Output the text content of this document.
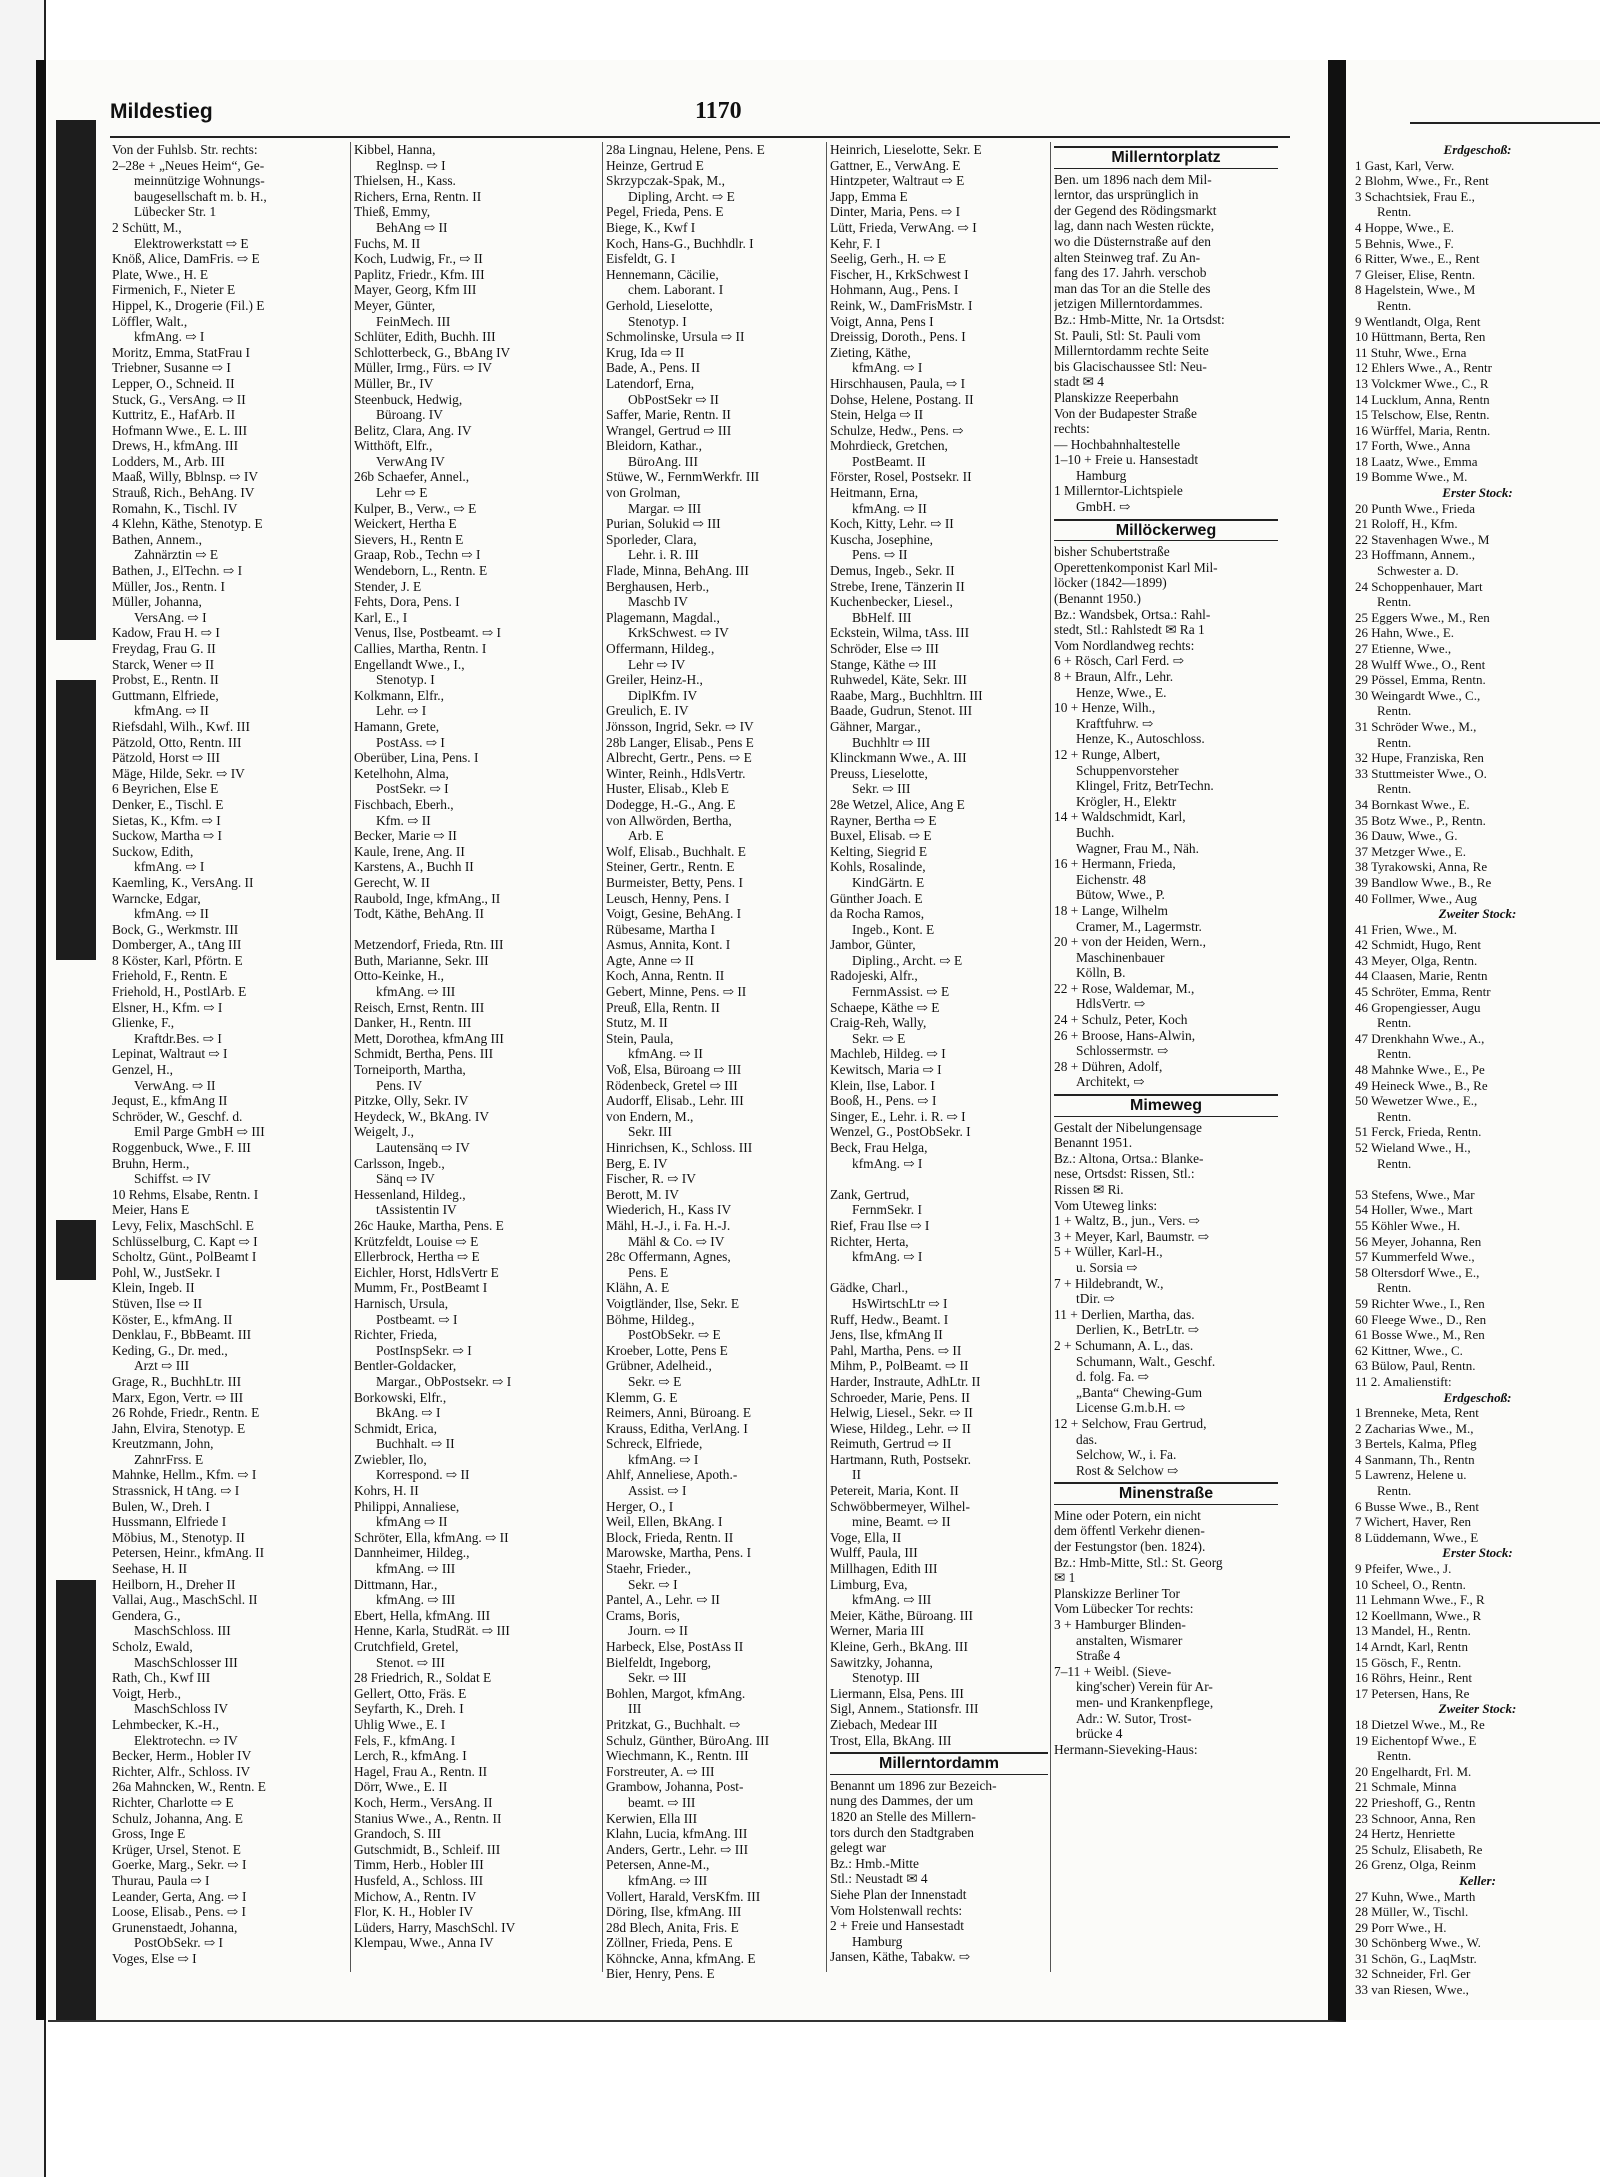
Mildestieg	1170
Von der Fuhlsb. Str. rechts:
2–28e + „Neues Heim“, Ge-
meinnützige Wohnungs-
baugesellschaft m. b. H.,
Lübecker Str. 1
2 Schütt, M.,
Elektrowerkstatt ⇨ E
Knöß, Alice, DamFris. ⇨ E
Plate, Wwe., H. E
Firmenich, F., Nieter E
Hippel, K., Drogerie (Fil.) E
Löffler, Walt.,
kfmAng. ⇨ I
Moritz, Emma, StatFrau I
Triebner, Susanne ⇨ I
Lepper, O., Schneid. II
Stuck, G., VersAng. ⇨ II
Kuttritz, E., HafArb. II
Hofmann Wwe., E. L. III
Drews, H., kfmAng. III
Lodders, M., Arb. III
Maaß, Willy, Bblnsp. ⇨ IV
Strauß, Rich., BehAng. IV
Romahn, K., Tischl. IV
4 Klehn, Käthe, Stenotyp. E
Bathen, Annem.,
Zahnärztin ⇨ E
Bathen, J., ElTechn. ⇨ I
Müller, Jos., Rentn. I
Müller, Johanna,
VersAng. ⇨ I
Kadow, Frau H. ⇨ I
Freydag, Frau G. II
Starck, Wener ⇨ II
Probst, E., Rentn. II
Guttmann, Elfriede,
kfmAng. ⇨ II
Riefsdahl, Wilh., Kwf. III
Pätzold, Otto, Rentn. III
Pätzold, Horst ⇨ III
Mäge, Hilde, Sekr. ⇨ IV
6 Beyrichen, Else E
Denker, E., Tischl. E
Sietas, K., Kfm. ⇨ I
Suckow, Martha ⇨ I
Suckow, Edith,
kfmAng. ⇨ I
Kaemling, K., VersAng. II
Warncke, Edgar,
kfmAng. ⇨ II
Bock, G., Werkmstr. III
Domberger, A., tAng III
8 Köster, Karl, Pförtn. E
Friehold, F., Rentn. E
Friehold, H., PostlArb. E
Elsner, H., Kfm. ⇨ I
Glienke, F.,
Kraftdr.Bes. ⇨ I
Lepinat, Waltraut ⇨ I
Genzel, H.,
VerwAng. ⇨ II
Jequst, E., kfmAng II
Schröder, W., Geschf. d.
Emil Parge GmbH ⇨ III
Roggenbuck, Wwe., F. III
Bruhn, Herm.,
Schiffst. ⇨ IV
10 Rehms, Elsabe, Rentn. I
Meier, Hans E
Levy, Felix, MaschSchl. E
Schlüsselburg, C. Kapt ⇨ I
Scholtz, Günt., PolBeamt I
Pohl, W., JustSekr. I
Klein, Ingeb. II
Stüven, Ilse ⇨ II
Köster, E., kfmAng. II
Denklau, F., BbBeamt. III
Keding, G., Dr. med.,
Arzt ⇨ III
Grage, R., BuchhLtr. III
Marx, Egon, Vertr. ⇨ III
26 Rohde, Friedr., Rentn. E
Jahn, Elvira, Stenotyp. E
Kreutzmann, John,
ZahnrFrss. E
Mahnke, Hellm., Kfm. ⇨ I
Strassnick, H tAng. ⇨ I
Bulen, W., Dreh. I
Hussmann, Elfriede I
Möbius, M., Stenotyp. II
Petersen, Heinr., kfmAng. II
Seehase, H. II
Heilborn, H., Dreher II
Vallai, Aug., MaschSchl. II
Gendera, G.,
MaschSchloss. III
Scholz, Ewald,
MaschSchlosser III
Rath, Ch., Kwf III
Voigt, Herb.,
MaschSchloss IV
Lehmbecker, K.-H.,
Elektrotechn. ⇨ IV
Becker, Herm., Hobler IV
Richter, Alfr., Schloss. IV
26a Mahncken, W., Rentn. E
Richter, Charlotte ⇨ E
Schulz, Johanna, Ang. E
Gross, Inge E
Krüger, Ursel, Stenot. E
Goerke, Marg., Sekr. ⇨ I
Thurau, Paula ⇨ I
Leander, Gerta, Ang. ⇨ I
Loose, Elisab., Pens. ⇨ I
Grunenstaedt, Johanna,
PostObSekr. ⇨ I
Voges, Else ⇨ I
Kibbel, Hanna,
Reglnsp. ⇨ I
Thielsen, H., Kass.
Richers, Erna, Rentn. II
Thieß, Emmy,
BehAng ⇨ II
Fuchs, M. II
Koch, Ludwig, Fr., ⇨ II
Paplitz, Friedr., Kfm. III
Mayer, Georg, Kfm III
Meyer, Günter,
FeinMech. III
Schlüter, Edith, Buchh. III
Schlotterbeck, G., BbAng IV
Müller, Irmg., Fürs. ⇨ IV
Müller, Br., IV
Steenbuck, Hedwig,
Büroang. IV
Belitz, Clara, Ang. IV
Witthöft, Elfr.,
VerwAng IV
26b Schaefer, Annel.,
Lehr ⇨ E
Kulper, B., Verw., ⇨ E
Weickert, Hertha E
Sievers, H., Rentn E
Graap, Rob., Techn ⇨ I
Wendeborn, L., Rentn. E
Stender, J. E
Fehts, Dora, Pens. I
Karl, E., I
Venus, Ilse, Postbeamt. ⇨ I
Callies, Martha, Rentn. I
Engellandt Wwe., I.,
Stenotyp. I
Kolkmann, Elfr.,
Lehr. ⇨ I
Hamann, Grete,
PostAss. ⇨ I
Oberüber, Lina, Pens. I
Ketelhohn, Alma,
PostSekr. ⇨ I
Fischbach, Eberh.,
Kfm. ⇨ II
Becker, Marie ⇨ II
Kaule, Irene, Ang. II
Karstens, A., Buchh II
Gerecht, W. II
Raubold, Inge, kfmAng., II
Todt, Käthe, BehAng. II

Metzendorf, Frieda, Rtn. III
Buth, Marianne, Sekr. III
Otto-Keinke, H.,
kfmAng. ⇨ III
Reisch, Ernst, Rentn. III
Danker, H., Rentn. III
Mett, Dorothea, kfmAng III
Schmidt, Bertha, Pens. III
Torneiporth, Martha,
Pens. IV
Pitzke, Olly, Sekr. IV
Heydeck, W., BkAng. IV
Weigelt, J.,
Lautensänq ⇨ IV
Carlsson, Ingeb.,
Sänq ⇨ IV
Hessenland, Hildeg.,
tAssistentin IV
26c Hauke, Martha, Pens. E
Krützfeldt, Louise ⇨ E
Ellerbrock, Hertha ⇨ E
Eichler, Horst, HdlsVertr E
Mumm, Fr., PostBeamt I
Harnisch, Ursula,
Postbeamt. ⇨ I
Richter, Frieda,
PostInspSekr. ⇨ I
Bentler-Goldacker,
Margar., ObPostsekr. ⇨ I
Borkowski, Elfr.,
BkAng. ⇨ I
Schmidt, Erica,
Buchhalt. ⇨ II
Zwiebler, Ilo,
Korrespond. ⇨ II
Kohrs, H. II
Philippi, Annaliese,
kfmAng ⇨ II
Schröter, Ella, kfmAng. ⇨ II
Dannheimer, Hildeg.,
kfmAng. ⇨ III
Dittmann, Har.,
kfmAng. ⇨ III
Ebert, Hella, kfmAng. III
Henne, Karla, StudRät. ⇨ III
Crutchfield, Gretel,
Stenot. ⇨ III
28 Friedrich, R., Soldat E
Gellert, Otto, Fräs. E
Seyfarth, K., Dreh. I
Uhlig Wwe., E. I
Fels, F., kfmAng. I
Lerch, R., kfmAng. I
Hagel, Frau A., Rentn. II
Dörr, Wwe., E. II
Koch, Herm., VersAng. II
Stanius Wwe., A., Rentn. II
Grandoch, S. III
Gutschmidt, B., Schleif. III
Timm, Herb., Hobler III
Husfeld, A., Schloss. III
Michow, A., Rentn. IV
Flor, K. H., Hobler IV
Lüders, Harry, MaschSchl. IV
Klempau, Wwe., Anna IV
28a Lingnau, Helene, Pens. E
Heinze, Gertrud E
Skrzypczak-Spak, M.,
Dipling, Archt. ⇨ E
Pegel, Frieda, Pens. E
Biege, K., Kwf I
Koch, Hans-G., Buchhdlr. I
Eisfeldt, G. I
Hennemann, Cäcilie,
chem. Laborant. I
Gerhold, Lieselotte,
Stenotyp. I
Schmolinske, Ursula ⇨ II
Krug, Ida ⇨ II
Bade, A., Pens. II
Latendorf, Erna,
ObPostSekr ⇨ II
Saffer, Marie, Rentn. II
Wrangel, Gertrud ⇨ III
Bleidorn, Kathar.,
BüroAng. III
Stüwe, W., FernmWerkfr. III
von Grolman,
Margar. ⇨ III
Purian, Solukid ⇨ III
Sporleder, Clara,
Lehr. i. R. III
Flade, Minna, BehAng. III
Berghausen, Herb.,
Maschb IV
Plagemann, Magdal.,
KrkSchwest. ⇨ IV
Offermann, Hildeg.,
Lehr ⇨ IV
Greiler, Heinz-H.,
DiplKfm. IV
Greulich, E. IV
Jönsson, Ingrid, Sekr. ⇨ IV
28b Langer, Elisab., Pens E
Albrecht, Gertr., Pens. ⇨ E
Winter, Reinh., HdlsVertr.
Huster, Elisab., Kleb E
Dodegge, H.-G., Ang. E
von Allwörden, Bertha,
Arb. E
Wolf, Elisab., Buchhalt. E
Steiner, Gertr., Rentn. E
Burmeister, Betty, Pens. I
Leusch, Henny, Pens. I
Voigt, Gesine, BehAng. I
Rübesame, Martha I
Asmus, Annita, Kont. I
Agte, Anne ⇨ II
Koch, Anna, Rentn. II
Gebert, Minne, Pens. ⇨ II
Preuß, Ella, Rentn. II
Stutz, M. II
Stein, Paula,
kfmAng. ⇨ II
Voß, Elsa, Büroang ⇨ III
Rödenbeck, Gretel ⇨ III
Audorff, Elisab., Lehr. III
von Endern, M.,
Sekr. III
Hinrichsen, K., Schloss. III
Berg, E. IV
Fischer, R. ⇨ IV
Berott, M. IV
Wiederich, H., Kass IV
Mähl, H.-J., i. Fa. H.-J.
Mähl & Co. ⇨ IV
28c Offermann, Agnes,
Pens. E
Klähn, A. E
Voigtländer, Ilse, Sekr. E
Böhme, Hildeg.,
PostObSekr. ⇨ E
Kroeber, Lotte, Pens E
Grübner, Adelheid.,
Sekr. ⇨ E
Klemm, G. E
Reimers, Anni, Büroang. E
Krauss, Editha, VerlAng. I
Schreck, Elfriede,
kfmAng. ⇨ I
Ahlf, Anneliese, Apoth.-
Assist. ⇨ I
Herger, O., I
Weil, Ellen, BkAng. I
Block, Frieda, Rentn. II
Marowske, Martha, Pens. I
Staehr, Frieder.,
Sekr. ⇨ I
Pantel, A., Lehr. ⇨ II
Crams, Boris,
Journ. ⇨ II
Harbeck, Else, PostAss II
Bielfeldt, Ingeborg,
Sekr. ⇨ III
Bohlen, Margot, kfmAng.
III
Pritzkat, G., Buchhalt. ⇨
Schulz, Günther, BüroAng. III
Wiechmann, K., Rentn. III
Forstreuter, A. ⇨ III
Grambow, Johanna, Post-
beamt. ⇨ III
Kerwien, Ella III
Klahn, Lucia, kfmAng. III
Anders, Gertr., Lehr. ⇨ III
Petersen, Anne-M.,
kfmAng. ⇨ III
Vollert, Harald, VersKfm. III
Döring, Ilse, kfmAng. III
28d Blech, Anita, Fris. E
Zöllner, Frieda, Pens. E
Köhncke, Anna, kfmAng. E
Bier, Henry, Pens. E
Heinrich, Lieselotte, Sekr. E
Gattner, E., VerwAng. E
Hintzpeter, Waltraut ⇨ E
Japp, Emma E
Dinter, Maria, Pens. ⇨ I
Lütt, Frieda, VerwAng. ⇨ I
Kehr, F. I
Seelig, Gerh., H. ⇨ E
Fischer, H., KrkSchwest I
Hohmann, Aug., Pens. I
Reink, W., DamFrisMstr. I
Voigt, Anna, Pens I
Dreissig, Doroth., Pens. I
Zieting, Käthe,
kfmAng. ⇨ I
Hirschhausen, Paula, ⇨ I
Dohse, Helene, Postang. II
Stein, Helga ⇨ II
Schulze, Hedw., Pens. ⇨
Mohrdieck, Gretchen,
PostBeamt. II
Förster, Rosel, Postsekr. II
Heitmann, Erna,
kfmAng. ⇨ II
Koch, Kitty, Lehr. ⇨ II
Kuscha, Josephine,
Pens. ⇨ II
Demus, Ingeb., Sekr. II
Strebe, Irene, Tänzerin II
Kuchenbecker, Liesel.,
BbHelf. III
Eckstein, Wilma, tAss. III
Schröder, Else ⇨ III
Stange, Käthe ⇨ III
Ruhwedel, Käte, Sekr. III
Raabe, Marg., Buchhltrn. III
Baade, Gudrun, Stenot. III
Gähner, Margar.,
Buchhltr ⇨ III
Klinckmann Wwe., A. III
Preuss, Lieselotte,
Sekr. ⇨ III
28e Wetzel, Alice, Ang E
Rayner, Bertha ⇨ E
Buxel, Elisab. ⇨ E
Kelting, Siegrid E
Kohls, Rosalinde,
KindGärtn. E
Günther Joach. E
da Rocha Ramos,
Ingeb., Kont. E
Jambor, Günter,
Dipling., Archt. ⇨ E
Radojeski, Alfr.,
FernmAssist. ⇨ E
Schaepe, Käthe ⇨ E
Craig-Reh, Wally,
Sekr. ⇨ E
Machleb, Hildeg. ⇨ I
Kewitsch, Maria ⇨ I
Klein, Ilse, Labor. I
Booß, H., Pens. ⇨ I
Singer, E., Lehr. i. R. ⇨ I
Wenzel, G., PostObSekr. I
Beck, Frau Helga,
kfmAng. ⇨ I

Zank, Gertrud,
FernmSekr. I
Rief, Frau Ilse ⇨ I
Richter, Herta,
kfmAng. ⇨ I

Gädke, Charl.,
HsWirtschLtr ⇨ I
Ruff, Hedw., Beamt. I
Jens, Ilse, kfmAng II
Pahl, Martha, Pens. ⇨ II
Mihm, P., PolBeamt. ⇨ II
Harder, Instraute, AdhLtr. II
Schroeder, Marie, Pens. II
Helwig, Liesel., Sekr. ⇨ II
Wiese, Hildeg., Lehr. ⇨ II
Reimuth, Gertrud ⇨ II
Hartmann, Ruth, Postsekr.
II
Petereit, Maria, Kont. II
Schwöbbermeyer, Wilhel-
mine, Beamt. ⇨ II
Voge, Ella, II
Wulff, Paula, III
Millhagen, Edith III
Limburg, Eva,
kfmAng. ⇨ III
Meier, Käthe, Büroang. III
Werner, Maria III
Kleine, Gerh., BkAng. III
Sawitzky, Johanna,
Stenotyp. III
Liermann, Elsa, Pens. III
Sigl, Annem., Stationsfr. III
Ziebach, Medear III
Trost, Ella, BkAng. III
Millerntordamm
Benannt um 1896 zur Bezeich-
nung des Dammes, der um
1820 an Stelle des Millern-
tors durch den Stadtgraben
gelegt war
Bz.: Hmb.-Mitte
Stl.: Neustadt ✉ 4
Siehe Plan der Innenstadt
Vom Holstenwall rechts:
2 + Freie und Hansestadt
Hamburg
Jansen, Käthe, Tabakw. ⇨
Millerntorplatz
Ben. um 1896 nach dem Mil-
lerntor, das ursprünglich in
der Gegend des Rödingsmarkt
lag, dann nach Westen rückte,
wo die Düsternstraße auf den
alten Steinweg traf. Zu An-
fang des 17. Jahrh. verschob
man das Tor an die Stelle des
jetzigen Millerntordammes.
Bz.: Hmb-Mitte, Nr. 1a Ortsdst:
St. Pauli, Stl: St. Pauli vom
Millerntordamm rechte Seite
bis Glacischaussee Stl: Neu-
stadt ✉ 4
Planskizze Reeperbahn
Von der Budapester Straße
rechts:
— Hochbahnhaltestelle
1–10 + Freie u. Hansestadt
Hamburg
1 Millerntor-Lichtspiele
GmbH. ⇨
Millöckerweg
bisher Schubertstraße
Operettenkomponist Karl Mil-
löcker (1842—1899)
(Benannt 1950.)
Bz.: Wandsbek, Ortsa.: Rahl-
stedt, Stl.: Rahlstedt ✉ Ra 1
Vom Nordlandweg rechts:
6 + Rösch, Carl Ferd. ⇨
8 + Braun, Alfr., Lehr.
Henze, Wwe., E.
10 + Henze, Wilh.,
Kraftfuhrw. ⇨
Henze, K., Autoschloss.
12 + Runge, Albert,
Schuppenvorsteher
Klingel, Fritz, BetrTechn.
Krögler, H., Elektr
14 + Waldschmidt, Karl,
Buchh.
Wagner, Frau M., Näh.
16 + Hermann, Frieda,
Eichenstr. 48
Bütow, Wwe., P.
18 + Lange, Wilhelm
Cramer, M., Lagermstr.
20 + von der Heiden, Wern.,
Maschinenbauer
Kölln, B.
22 + Rose, Waldemar, M.,
HdlsVertr. ⇨
24 + Schulz, Peter, Koch
26 + Broose, Hans-Alwin,
Schlossermstr. ⇨
28 + Dühren, Adolf,
Architekt, ⇨
Mimeweg
Gestalt der Nibelungensage
Benannt 1951.
Bz.: Altona, Ortsa.: Blanke-
nese, Ortsdst: Rissen, Stl.:
Rissen ✉ Ri.
Vom Uteweg links:
1 + Waltz, B., jun., Vers. ⇨
3 + Meyer, Karl, Baumstr. ⇨
5 + Wüller, Karl-H.,
u. Sorsia ⇨
7 + Hildebrandt, W.,
tDir. ⇨
11 + Derlien, Martha, das.
Derlien, K., BetrLtr. ⇨
2 + Schumann, A. L., das.
Schumann, Walt., Geschf.
d. folg. Fa. ⇨
„Banta“ Chewing-Gum
License G.m.b.H. ⇨
12 + Selchow, Frau Gertrud,
das.
Selchow, W., i. Fa.
Rost & Selchow ⇨
Minenstraße
Mine oder Potern, ein nicht
dem öffentl Verkehr dienen-
der Festungstor (ben. 1824).
Bz.: Hmb-Mitte, Stl.: St. Georg
✉ 1
Planskizze Berliner Tor
Vom Lübecker Tor rechts:
3 + Hamburger Blinden-
anstalten, Wismarer
Straße 4
7–11 + Weibl. (Sieve-
king'scher) Verein für Ar-
men- und Krankenpflege,
Adr.: W. Sutor, Trost-
brücke 4
Hermann-Sieveking-Haus:
Erdgeschoß:
1 Gast, Karl, Verw.
2 Blohm, Wwe., Fr., Rent
3 Schachtsiek, Frau E.,
Rentn.
4 Hoppe, Wwe., E.
5 Behnis, Wwe., F.
6 Ritter, Wwe., E., Rent
7 Gleiser, Elise, Rentn.
8 Hagelstein, Wwe., M
Rentn.
9 Wentlandt, Olga, Rent
10 Hüttmann, Berta, Ren
11 Stuhr, Wwe., Erna
12 Ehlers Wwe., A., Rentr
13 Volckmer Wwe., C., R
14 Lucklum, Anna, Rentn
15 Telschow, Else, Rentn.
16 Würffel, Maria, Rentn.
17 Forth, Wwe., Anna
18 Laatz, Wwe., Emma
19 Bomme Wwe., M.
Erster Stock:
20 Punth Wwe., Frieda
21 Roloff, H., Kfm.
22 Stavenhagen Wwe., M
23 Hoffmann, Annem.,
Schwester a. D.
24 Schoppenhauer, Mart
Rentn.
25 Eggers Wwe., M., Ren
26 Hahn, Wwe., E.
27 Etienne, Wwe.,
28 Wulff Wwe., O., Rent
29 Pössel, Emma, Rentn.
30 Weingardt Wwe., C.,
Rentn.
31 Schröder Wwe., M.,
Rentn.
32 Hupe, Franziska, Ren
33 Stuttmeister Wwe., O.
Rentn.
34 Bornkast Wwe., E.
35 Botz Wwe., P., Rentn.
36 Dauw, Wwe., G.
37 Metzger Wwe., E.
38 Tyrakowski, Anna, Re
39 Bandlow Wwe., B., Re
40 Follmer, Wwe., Aug
Zweiter Stock:
41 Frien, Wwe., M.
42 Schmidt, Hugo, Rent
43 Meyer, Olga, Rentn.
44 Claasen, Marie, Rentn
45 Schröter, Emma, Rentr
46 Gropengiesser, Augu
Rentn.
47 Drenkhahn Wwe., A.,
Rentn.
48 Mahnke Wwe., E., Pe
49 Heineck Wwe., B., Re
50 Wewetzer Wwe., E.,
Rentn.
51 Ferck, Frieda, Rentn.
52 Wieland Wwe., H.,
Rentn.

53 Stefens, Wwe., Mar
54 Holler, Wwe., Mart
55 Köhler Wwe., H.
56 Meyer, Johanna, Ren
57 Kummerfeld Wwe.,
58 Oltersdorf Wwe., E.,
Rentn.
59 Richter Wwe., I., Ren
60 Fleege Wwe., D., Ren
61 Bosse Wwe., M., Ren
62 Kittner, Wwe., C.
63 Bülow, Paul, Rentn.
11 2. Amalienstift:
Erdgeschoß:
1 Brenneke, Meta, Rent
2 Zacharias Wwe., M.,
3 Bertels, Kalma, Pfleg
4 Sanmann, Th., Rentn
5 Lawrenz, Helene u.
Rentn.
6 Busse Wwe., B., Rent
7 Wichert, Haver, Ren
8 Lüddemann, Wwe., E
Erster Stock:
9 Pfeifer, Wwe., J.
10 Scheel, O., Rentn.
11 Lehmann Wwe., F., R
12 Koellmann, Wwe., R
13 Mandel, H., Rentn.
14 Arndt, Karl, Rentn
15 Gösch, F., Rentn.
16 Röhrs, Heinr., Rent
17 Petersen, Hans, Re
Zweiter Stock:
18 Dietzel Wwe., M., Re
19 Eichentopf Wwe., E
Rentn.
20 Engelhardt, Frl. M.
21 Schmale, Minna
22 Prieshoff, G., Rentn
23 Schnoor, Anna, Ren
24 Hertz, Henriette
25 Schulz, Elisabeth, Re
26 Grenz, Olga, Reinm
Keller:
27 Kuhn, Wwe., Marth
28 Müller, W., Tischl.
29 Porr Wwe., H.
30 Schönberg Wwe., W.
31 Schön, G., LaqMstr.
32 Schneider, Frl. Ger
33 van Riesen, Wwe.,
